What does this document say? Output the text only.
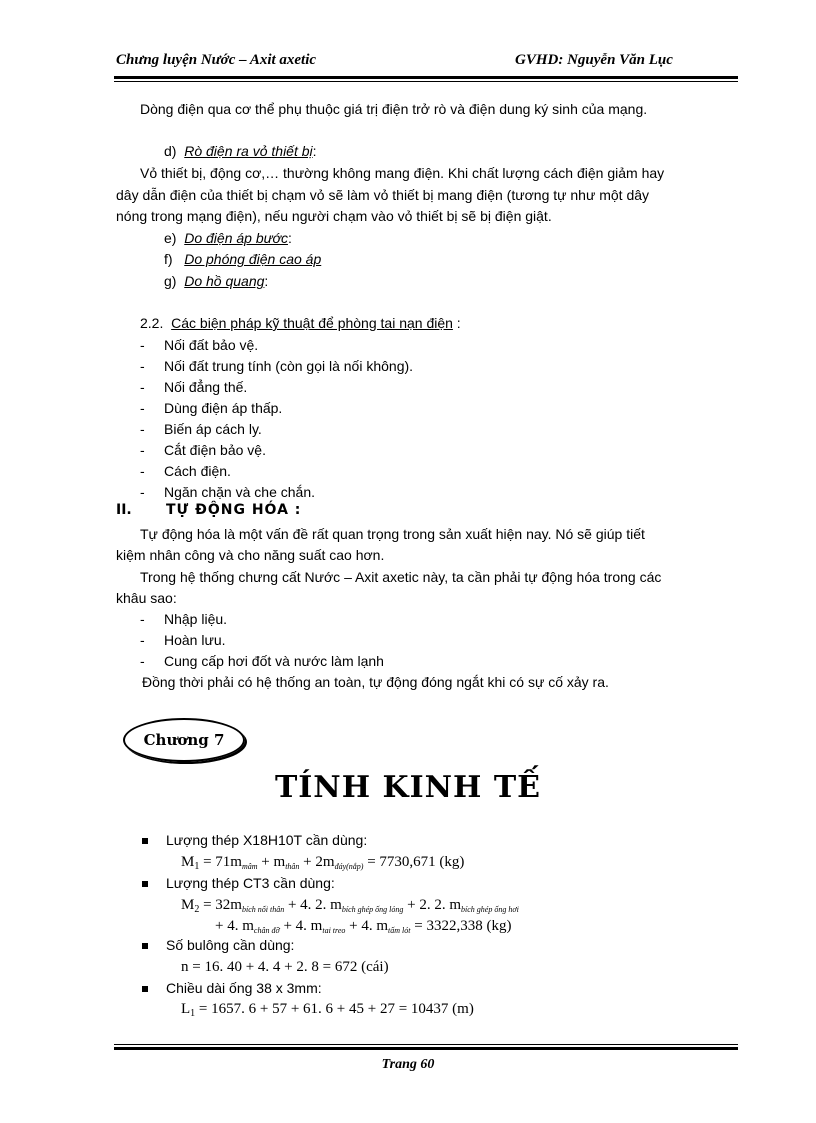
Chưng luyện Nước – Axit axetic	GVHD: Nguyễn Văn Lục
Dòng điện qua cơ thể phụ thuộc giá trị điện trở rò và điện dung ký sinh của mạng.
d) Rò điện ra vỏ thiết bị:
Vỏ thiết bị, động cơ,… thường không mang điện. Khi chất lượng cách điện giảm hay
dây dẫn điện của thiết bị chạm vỏ sẽ làm vỏ thiết bị mang điện (tương tự như một dây
nóng trong mạng điện), nếu người chạm vào vỏ thiết bị sẽ bị điện giật.
e) Do điện áp bước:
f) Do phóng điện cao áp
g) Do hồ quang:
2.2. Các biện pháp kỹ thuật để phòng tai nạn điện :
- Nối đất bảo vệ.
- Nối đất trung tính (còn gọi là nối không).
- Nối đẳng thế.
- Dùng điện áp thấp.
- Biến áp cách ly.
- Cắt điện bảo vệ.
- Cách điện.
- Ngăn chặn và che chắn.
II. TỰ ĐỘNG HÓA :
Tự động hóa là một vấn đề rất quan trọng trong sản xuất hiện nay. Nó sẽ giúp tiết
kiệm nhân công và cho năng suất cao hơn.
Trong hệ thống chưng cất Nước – Axit axetic này, ta cần phải tự động hóa trong các
khâu sao:
- Nhập liệu.
- Hoàn lưu.
- Cung cấp hơi đốt và nước làm lạnh
Đồng thời phải có hệ thống an toàn, tự động đóng ngắt khi có sự cố xảy ra.
Chương 7
TÍNH KINH TẾ
Lượng thép X18H10T cần dùng:
$M_1 = 71m_{mâm} + m_{thân} + 2m_{đáy(nắp)} = 7730,671$ (kg)
Lượng thép CT3 cần dùng:
$M_2 = 32m_{bích nối thân} + 4$. 2. $m_{bích ghép ống lỏng} + 2$. 2. $m_{bích ghép ống hơi}$
+ 4. $m_{chân đỡ} + 4$. $m_{tai treo} + 4$. $m_{tấm lót} = 3322,338$ (kg)
Số bulông cần dùng:
n = 16. 40 + 4. 4 + 2. 8 = 672 (cái)
Chiều dài ống 38 x 3mm:
$L_1 = 1657$. 6 + 57 + 61. 6 + 45 + 27 = 10437 (m)
Trang 60
